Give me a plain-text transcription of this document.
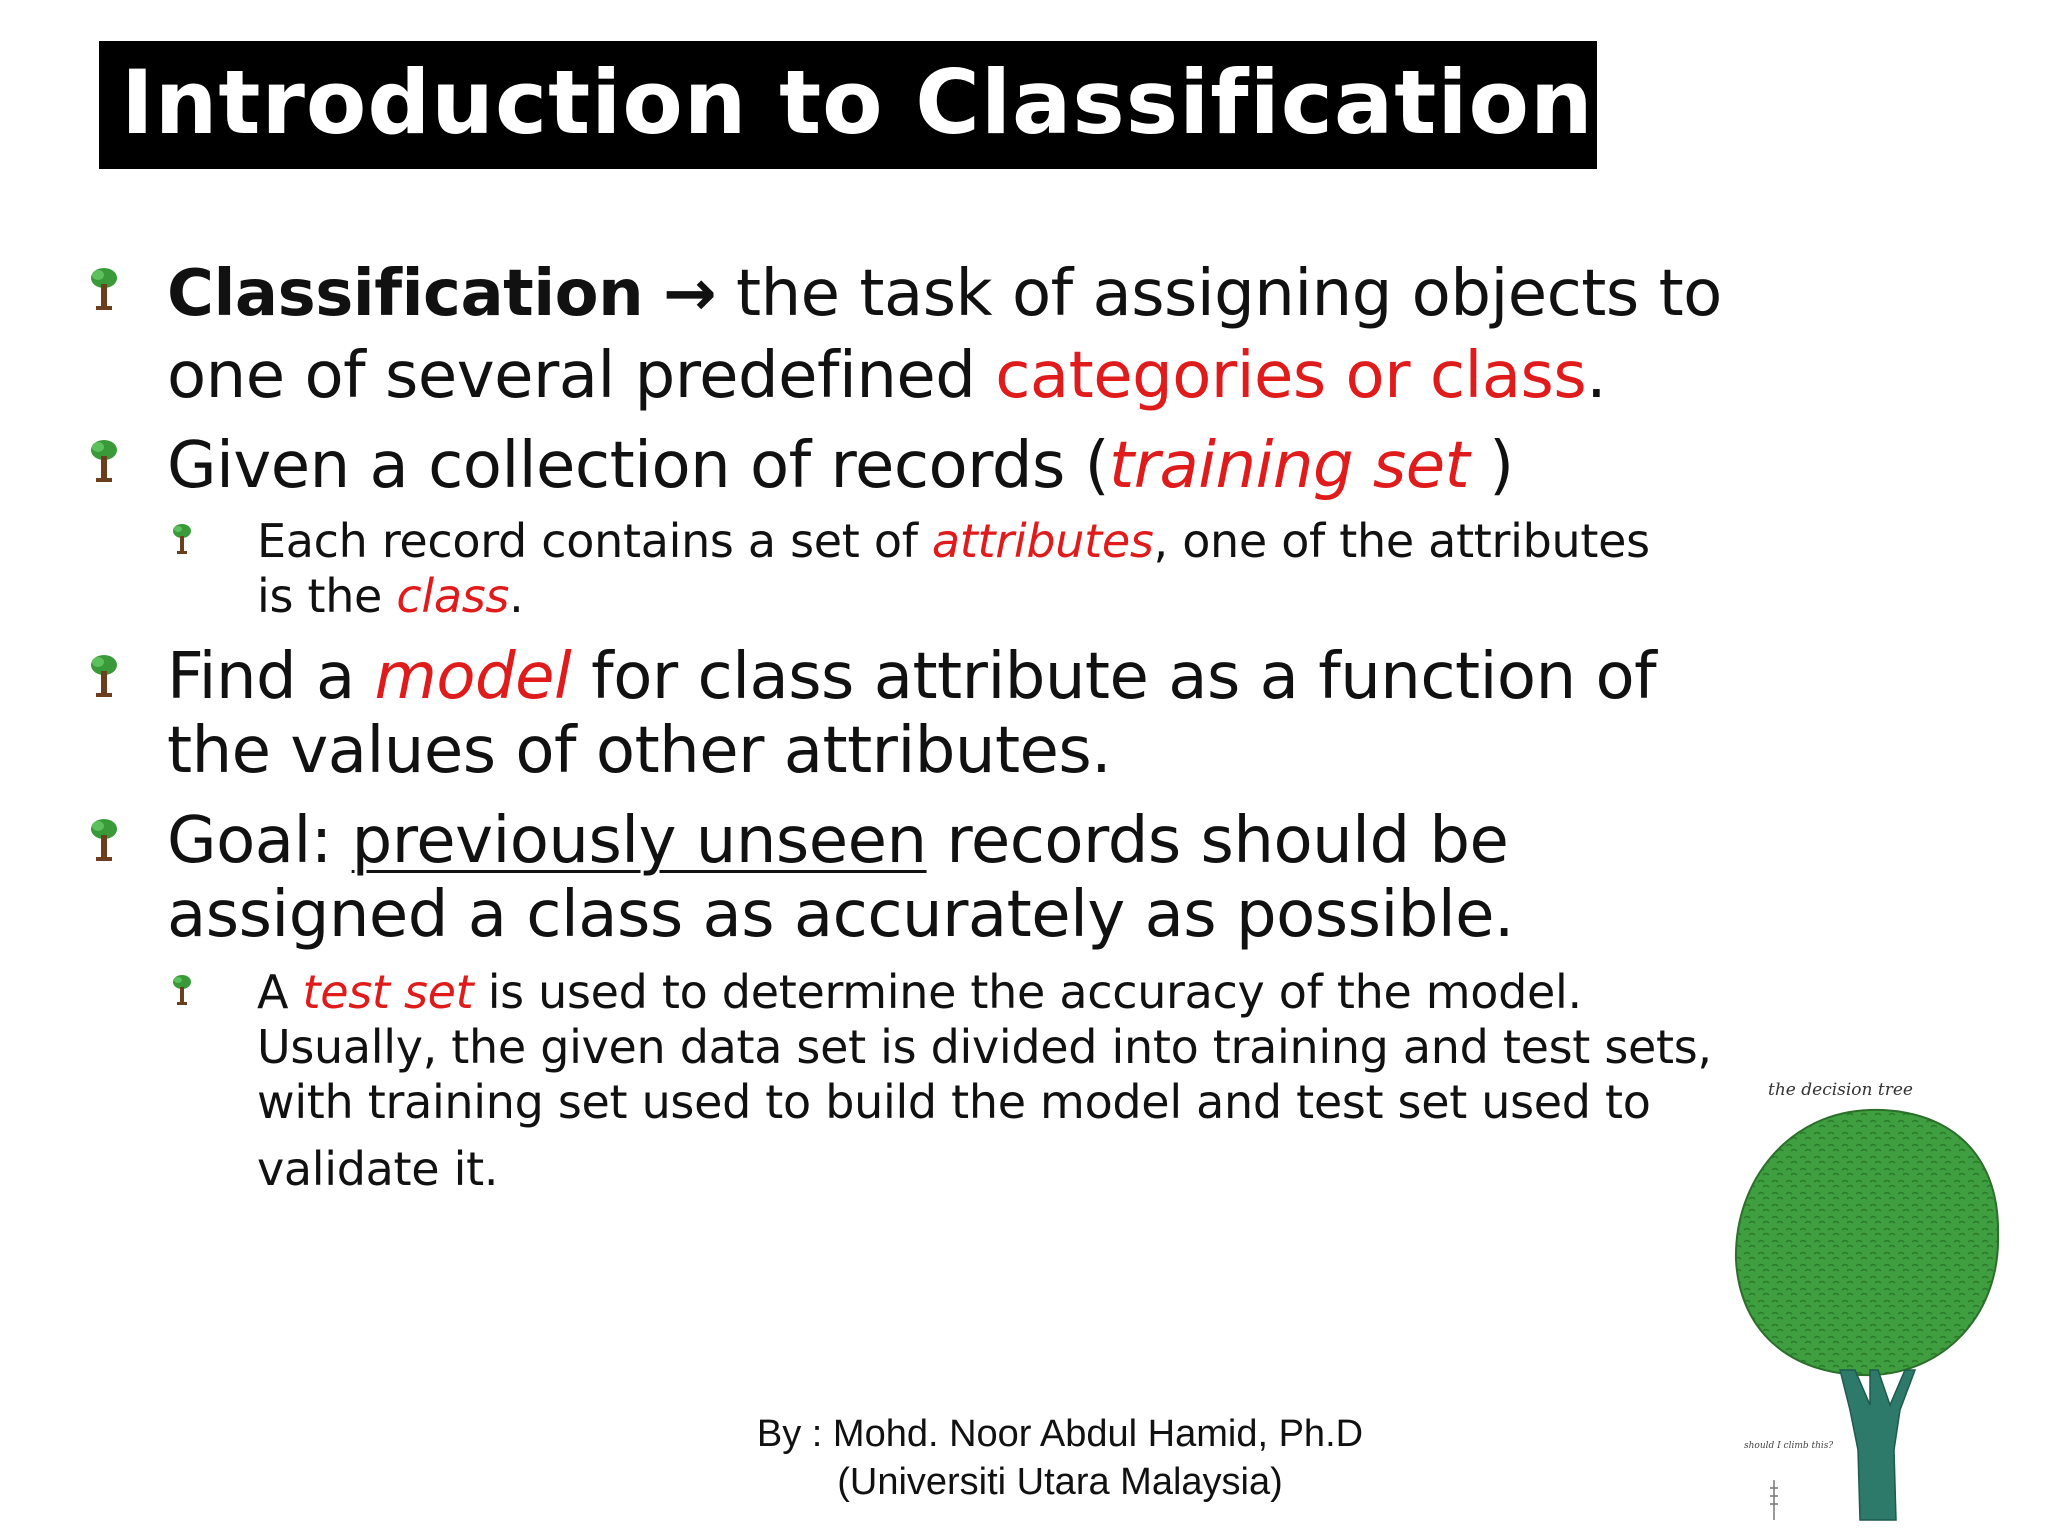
Introduction to Classification
Classification → the task of assigning objects to
one of several predefined categories or class.
Given a collection of records (training set )
Each record contains a set of attributes, one of the attributes
is the class.
Find a model for class attribute as a function of
the values of other attributes.
Goal: previously unseen records should be
assigned a class as accurately as possible.
A test set is used to determine the accuracy of the model.
Usually, the given data set is divided into training and test sets,
with training set used to build the model and test set used to
validate it.
By : Mohd. Noor Abdul Hamid, Ph.D
(Universiti Utara Malaysia)
the decision tree
should I climb this?
